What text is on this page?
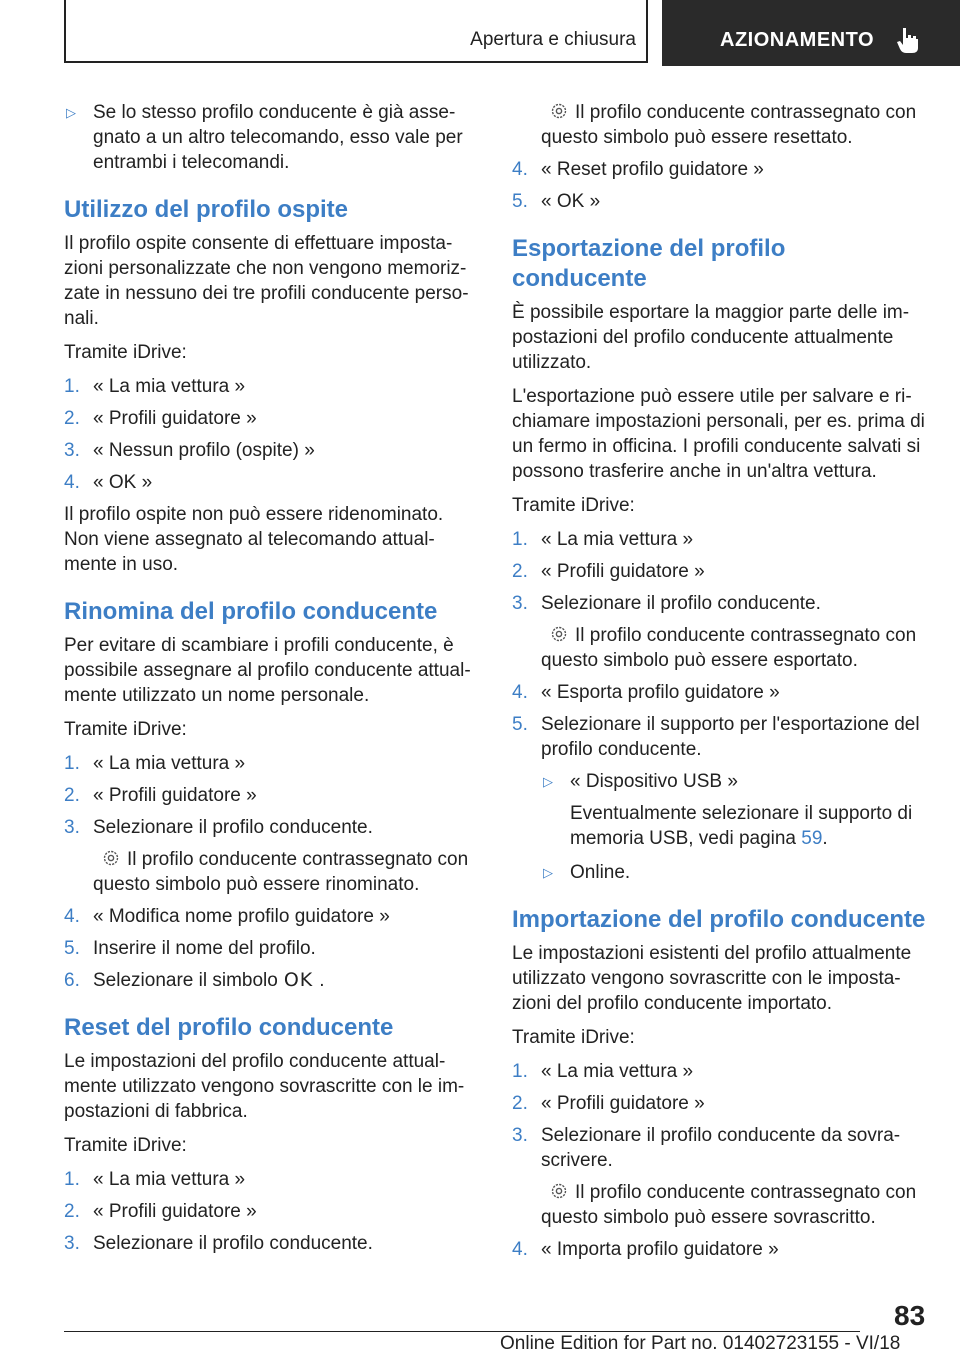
Apertura e chiusura	AZIONAMENTO
▷ Se lo stesso profilo conducente è già asse-gnato a un altro telecomando, esso vale per entrambi i telecomandi.
Utilizzo del profilo ospite

Il profilo ospite consente di effettuare imposta-zioni personalizzate che non vengono memoriz-zate in nessuno dei tre profili conducente perso-nali.

Tramite iDrive:

1. « La mia vettura »
2. « Profili guidatore »
3. « Nessun profilo (ospite) »
4. « OK »

Il profilo ospite non può essere ridenominato. Non viene assegnato al telecomando attual-mente in uso.

Rinomina del profilo conducente

Per evitare di scambiare i profili conducente, è possibile assegnare al profilo conducente attual-mente utilizzato un nome personale.

Tramite iDrive:

1. « La mia vettura »
2. « Profili guidatore »
3. Selezionare il profilo conducente.
Il profilo conducente contrassegnato con questo simbolo può essere rinominato.
4. « Modifica nome profilo guidatore »
5. Inserire il nome del profilo.
6. Selezionare il simbolo OK .
Reset del profilo conducente

Le impostazioni del profilo conducente attual-mente utilizzato vengono sovrascritte con le im-postazioni di fabbrica.

Tramite iDrive:

1. « La mia vettura »
2. « Profili guidatore »
3. Selezionare il profilo conducente.
Il profilo conducente contrassegnato con questo simbolo può essere resettato.
4. « Reset profilo guidatore »
5. « OK »
Esportazione del profilo conducente

È possibile esportare la maggior parte delle im-postazioni del profilo conducente attualmente utilizzato.

L'esportazione può essere utile per salvare e ri-chiamare impostazioni personali, per es. prima di un fermo in officina. I profili conducente salvati si possono trasferire anche in un'altra vettura.

Tramite iDrive:

1. « La mia vettura »
2. « Profili guidatore »
3. Selezionare il profilo conducente.
Il profilo conducente contrassegnato con questo simbolo può essere esportato.
4. « Esporta profilo guidatore »
5. Selezionare il supporto per l'esportazione del profilo conducente.
▷ « Dispositivo USB »
Eventualmente selezionare il supporto di memoria USB, vedi pagina 59.
▷ Online.
Importazione del profilo conducente

Le impostazioni esistenti del profilo attualmente utilizzato vengono sovrascritte con le imposta-zioni del profilo conducente importato.

Tramite iDrive:

1. « La mia vettura »
2. « Profili guidatore »
3. Selezionare il profilo conducente da sovra-scrivere.
Il profilo conducente contrassegnato con questo simbolo può essere sovrascritto.
4. « Importa profilo guidatore »
83
Online Edition for Part no. 01402723155 - VI/18
